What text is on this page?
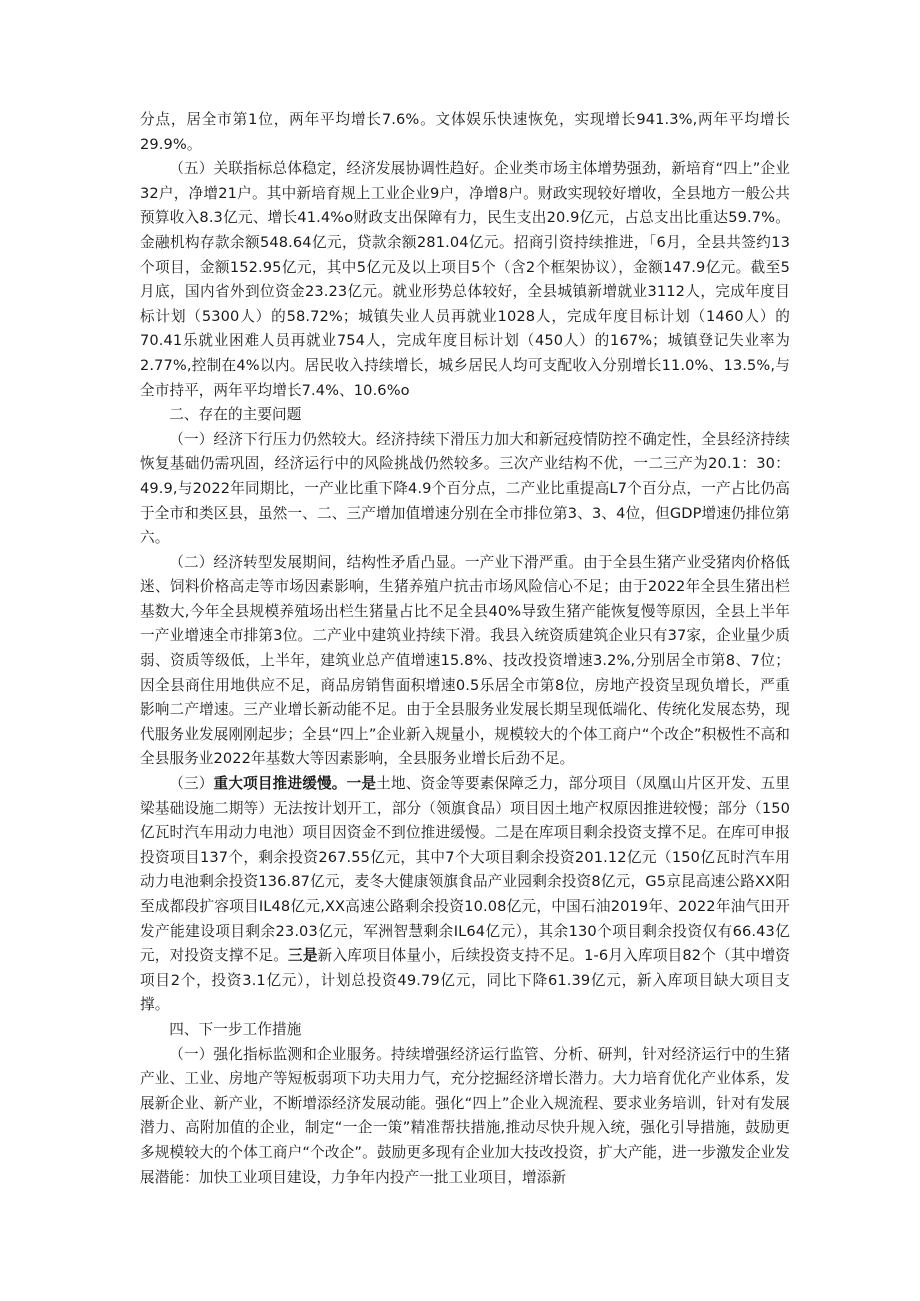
分点，居全市第1位，两年平均增长7.6%。文体娱乐快速恢免，实现增长941.3%,两年平均增长29.9%。

（五）关联指标总体稳定，经济发展协调性趋好。企业类市场主体增势强劲，新培育“四上”企业32户，净增21户。其中新培育规上工业企业9户，净增8户。财政实现较好增收，全县地方一般公共预算收入8.3亿元、增长41.4%o财政支出保障有力，民生支出20.9亿元，占总支出比重达59.7%。金融机构存款余额548.64亿元，贷款余额281.04亿元。招商引资持续推进，「6月，全县共签约13个项目，金额152.95亿元，其中5亿元及以上项目5个（含2个框架协议），金额147.9亿元。截至5月底，国内省外到位资金23.23亿元。就业形势总体较好，全县城镇新增就业3112人，完成年度目标计划（5300人）的58.72%；城镇失业人员再就业1028人，完成年度目标计划（1460人）的70.41乐就业困难人员再就业754人，完成年度目标计划（450人）的167%；城镇登记失业率为2.77%,控制在4%以内。居民收入持续增长，城乡居民人均可支配收入分别增长11.0%、13.5%,与全市持平，两年平均增长7.4%、10.6%o

二、存在的主要问题

（一）经济下行压力仍然较大。经济持续下滑压力加大和新冠疫情防控不确定性，全县经济持续恢复基础仍需巩固，经济运行中的风险挑战仍然较多。三次产业结构不优，一二三产为20.1：30：49.9,与2022年同期比，一产业比重下降4.9个百分点，二产业比重提高L7个百分点，一产占比仍高于全市和类区县，虽然一、二、三产增加值增速分别在全市排位第3、3、4位，但GDP增速仍排位第六。

（二）经济转型发展期间，结构性矛盾凸显。一产业下滑严重。由于全县生猪产业受猪肉价格低迷、饲料价格高走等市场因素影响，生猪养殖户抗击市场风险信心不足；由于2022年全县生猪出栏基数大,今年全县规模养殖场出栏生猪量占比不足全县40%导致生猪产能恢复慢等原因，全县上半年一产业增速全市排第3位。二产业中建筑业持续下滑。我县入统资质建筑企业只有37家，企业量少质弱、资质等级低，上半年，建筑业总产值增速15.8%、技改投资增速3.2%,分别居全市第8、7位；因全县商住用地供应不足，商品房销售面积增速0.5乐居全市第8位，房地产投资呈现负增长，严重影响二产增速。三产业增长新动能不足。由于全县服务业发展长期呈现低端化、传统化发展态势，现代服务业发展刚刚起步；全县“四上”企业新入规量小，规模较大的个体工商户“个改企”积极性不高和全县服务业2022年基数大等因素影响，全县服务业增长后劲不足。

（三）重大项目推进缓慢。一是土地、资金等要素保障乏力，部分项目（凤凰山片区开发、五里梁基础设施二期等）无法按计划开工，部分（领旗食品）项目因土地产权原因推进较慢；部分（150亿瓦时汽车用动力电池）项目因资金不到位推进缓慢。二是在库项目剩余投资支撑不足。在库可申报投资项目137个，剩余投资267.55亿元，其中7个大项目剩余投资201.12亿元（150亿瓦时汽车用动力电池剩余投资136.87亿元，麦冬大健康领旗食品产业园剩余投资8亿元，G5京昆高速公路XX阳至成都段扩容项目IL48亿元,XX高速公路剩余投资10.08亿元，中国石油2019年、2022年油气田开发产能建设项目剩余23.03亿元，军洲智慧剩余IL64亿元），其余130个项目剩余投资仅有66.43亿元，对投资支撑不足。三是新入库项目体量小，后续投资支持不足。1-6月入库项目82个（其中增资项目2个，投资3.1亿元），计划总投资49.79亿元，同比下降61.39亿元，新入库项目缺大项目支撑。

四、下一步工作措施

（一）强化指标监测和企业服务。持续增强经济运行监管、分析、研判，针对经济运行中的生猪产业、工业、房地产等短板弱项下功夫用力气，充分挖掘经济增长潜力。大力培育优化产业体系，发展新企业、新产业，不断增添经济发展动能。强化“四上”企业入规流程、要求业务培训，针对有发展潜力、高附加值的企业，制定“一企一策”精准帮扶措施,推动尽快升规入统，强化引导措施，鼓励更多规模较大的个体工商户“个改企”。鼓励更多现有企业加大技改投资，扩大产能，进一步激发企业发展潜能：加快工业项目建设，力争年内投产一批工业项目，增添新
